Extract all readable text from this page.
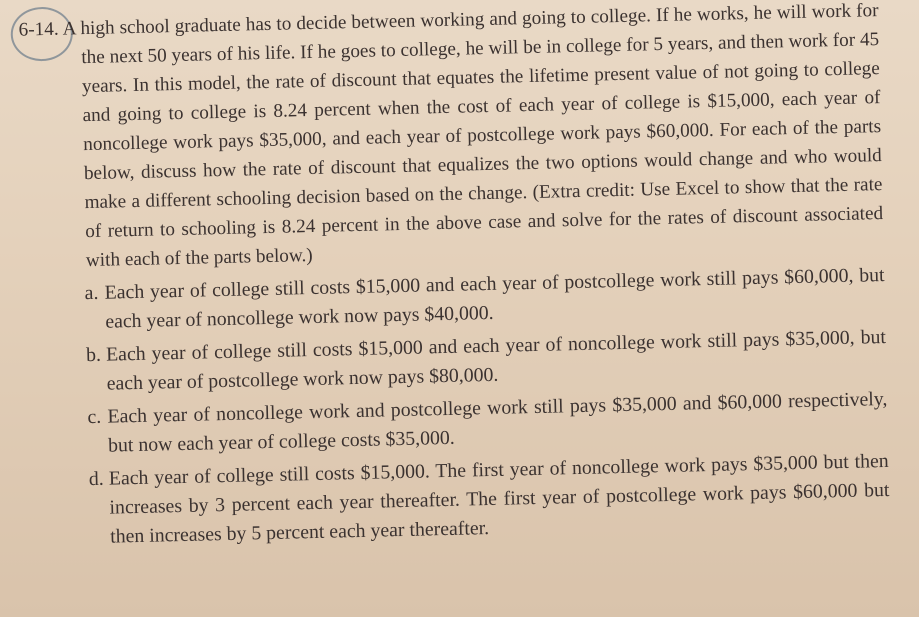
6-14. A high school graduate has to decide between working and going to college. If he works, he will work for the next 50 years of his life. If he goes to college, he will be in college for 5 years, and then work for 45 years. In this model, the rate of discount that equates the lifetime present value of not going to college and going to college is 8.24 percent when the cost of each year of college is $15,000, each year of noncollege work pays $35,000, and each year of postcollege work pays $60,000. For each of the parts below, discuss how the rate of discount that equalizes the two options would change and who would make a different schooling decision based on the change. (Extra credit: Use Excel to show that the rate of return to schooling is 8.24 percent in the above case and solve for the rates of discount associated with each of the parts below.)
a. Each year of college still costs $15,000 and each year of postcollege work still pays $60,000, but each year of noncollege work now pays $40,000.
b. Each year of college still costs $15,000 and each year of noncollege work still pays $35,000, but each year of postcollege work now pays $80,000.
c. Each year of noncollege work and postcollege work still pays $35,000 and $60,000 respectively, but now each year of college costs $35,000.
d. Each year of college still costs $15,000. The first year of noncollege work pays $35,000 but then increases by 3 percent each year thereafter. The first year of postcollege work pays $60,000 but then increases by 5 percent each year thereafter.
